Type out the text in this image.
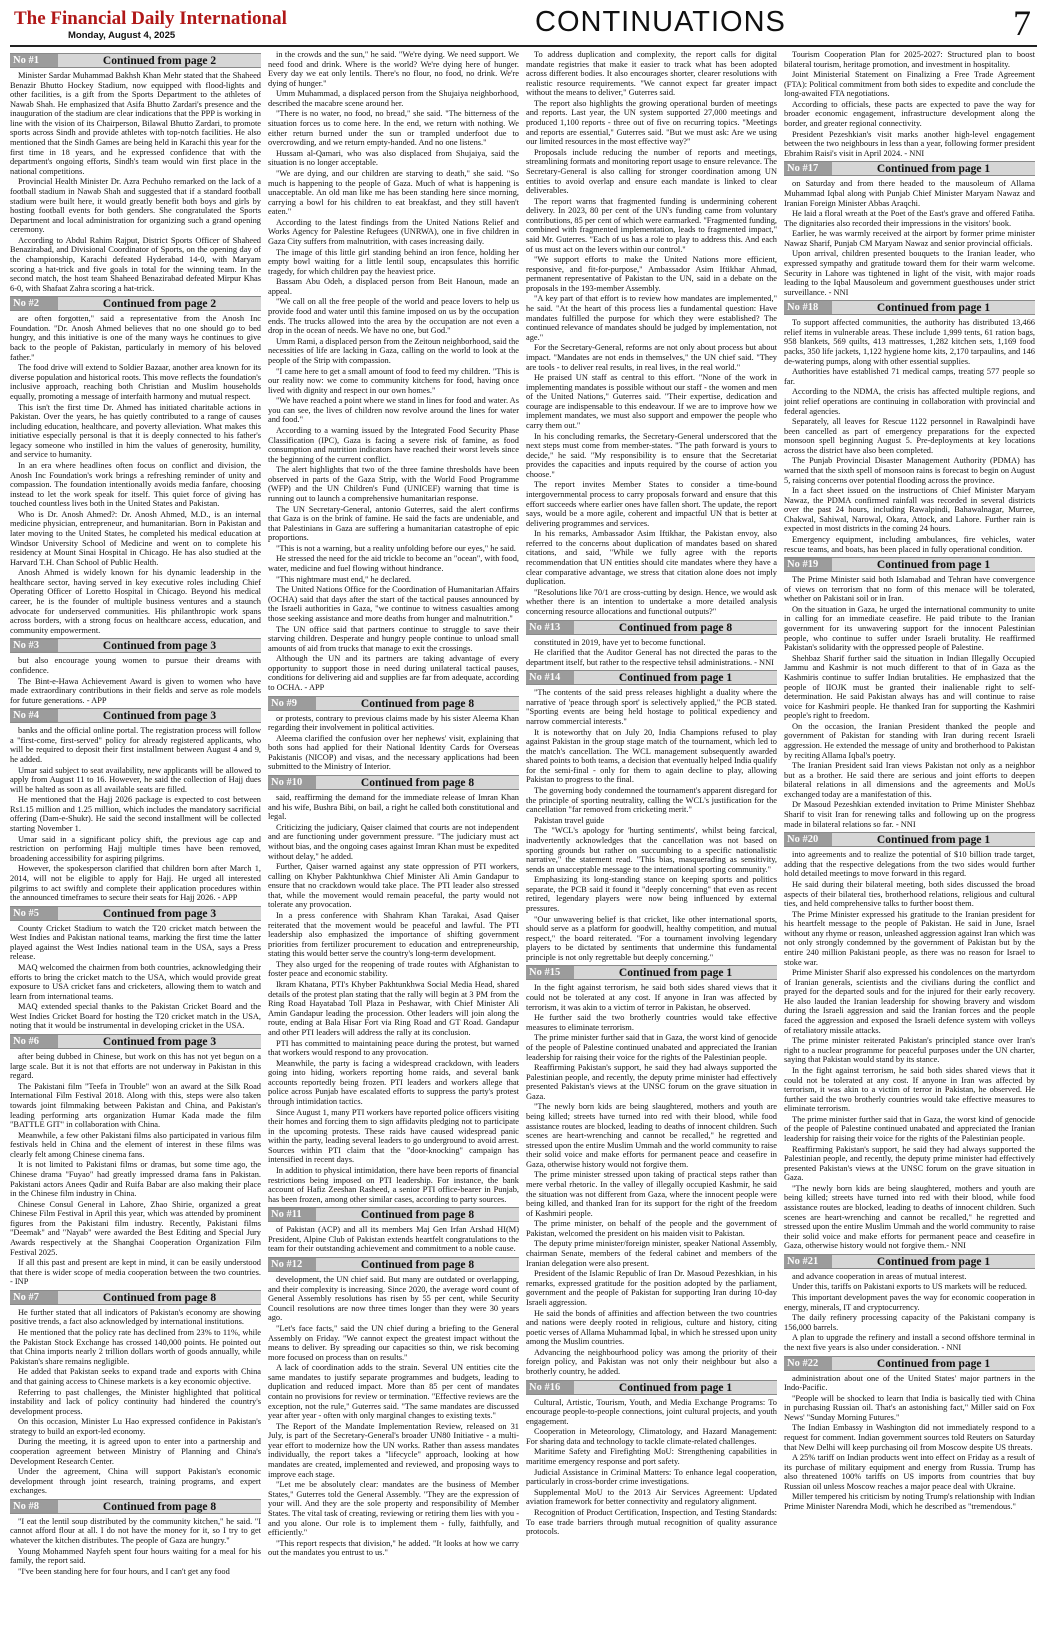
The Financial Daily International
Monday, August 4, 2025	CONTINUATIONS	7
No #1	Continued from page 2

Minister Sardar Muhammad Bakhsh Khan Mehr stated that the Shaheed Benazir Bhutto Hockey Stadium, now equipped with flood-lights and other facilities, is a gift from the Sports Department to the athletes of Nawab Shah. He emphasized that Asifa Bhutto Zardari's presence and the inauguration of the stadium are clear indications that the PPP is working in line with the vision of its Chairperson, Bilawal Bhutto Zardari, to promote sports across Sindh and provide athletes with top-notch facilities. He also mentioned that the Sindh Games are being held in Karachi this year for the first time in 18 years, and he expressed confidence that with the department's ongoing efforts, Sindh's team would win first place in the national competitions.

Provincial Health Minister Dr. Azra Pechuho remarked on the lack of a football stadium in Nawab Shah and suggested that if a standard football stadium were built here, it would greatly benefit both boys and girls by hosting football events for both genders. She congratulated the Sports Department and local administration for organizing such a grand opening ceremony.

According to Abdul Rahim Rajput, District Sports Officer of Shaheed Benazirabad, and Divisional Coordinator of Sports, on the opening day of the championship, Karachi defeated Hyderabad 14-0, with Maryam scoring a hat-trick and five goals in total for the winning team. In the second match, the host team Shaheed Benazirabad defeated Mirpur Khas 6-0, with Shafaat Zahra scoring a hat-trick.

No #2	Continued from page 2

are often forgotten," said a representative from the Anosh Inc Foundation. "Dr. Anosh Ahmed believes that no one should go to bed hungry, and this initiative is one of the many ways he continues to give back to the people of Pakistan, particularly in memory of his beloved father."

The food drive will extend to Soldier Bazaar, another area known for its diverse population and historical roots. This move reflects the foundation's inclusive approach, reaching both Christian and Muslim households equally, promoting a message of interfaith harmony and mutual respect.

This isn't the first time Dr. Ahmed has initiated charitable actions in Pakistan. Over the years, he has quietly contributed to a range of causes including education, healthcare, and poverty alleviation. What makes this initiative especially personal is that it is deeply connected to his father's legacy someone who instilled in him the values of generosity, humility, and service to humanity.

In an era where headlines often focus on conflict and division, the Anosh Inc Foundation's work brings a refreshing reminder of unity and compassion. The foundation intentionally avoids media fanfare, choosing instead to let the work speak for itself. This quiet force of giving has touched countless lives both in the United States and Pakistan.

Who is Dr. Anosh Ahmed?: Dr. Anosh Ahmed, M.D., is an internal medicine physician, entrepreneur, and humanitarian. Born in Pakistan and later moving to the United States, he completed his medical education at Windsor University School of Medicine and went on to complete his residency at Mount Sinai Hospital in Chicago. He has also studied at the Harvard T.H. Chan School of Public Health.

Anosh Ahmed is widely known for his dynamic leadership in the healthcare sector, having served in key executive roles including Chief Operating Officer of Loretto Hospital in Chicago. Beyond his medical career, he is the founder of multiple business ventures and a staunch advocate for underserved communities. His philanthropic work spans across borders, with a strong focus on healthcare access, education, and community empowerment.

No #3	Continued from page 3

but also encourage young women to pursue their dreams with confidence.

The Bint-e-Hawa Achievement Award is given to women who have made extraordinary contributions in their fields and serve as role models for future generations. - APP

No #4	Continued from page 3

banks and the official online portal. The registration process will follow a "first-come, first-served" policy for already registered applicants, who will be required to deposit their first installment between August 4 and 9, he added.

Umar said subject to seat availability, new applicants will be allowed to apply from August 11 to 16. However, he said the collection of Hajj dues will be halted as soon as all available seats are filled.

He mentioned that the Hajj 2026 package is expected to cost between Rs1.15 million and 1.25 million, which includes the mandatory sacrificial offering (Dam-e-Shukr). He said the second installment will be collected starting November 1.

Umar said in a significant policy shift, the previous age cap and restriction on performing Hajj multiple times have been removed, broadening accessibility for aspiring pilgrims.

However, the spokesperson clarified that children born after March 1, 2014, will not be eligible to apply for Hajj. He urged all interested pilgrims to act swiftly and complete their application procedures within the announced timeframes to secure their seats for Hajj 2026. - APP

No #5	Continued from page 3

County Cricket Stadium to watch the T20 cricket match between the West Indies and Pakistan national teams, marking the first time the latter played against the West Indies national team in the USA, says a Press release.

MAQ welcomed the chairmen from both countries, acknowledging their efforts to bring the cricket match to the USA, which would provide great exposure to USA cricket fans and cricketers, allowing them to watch and learn from international teams.

MAQ extended special thanks to the Pakistan Cricket Board and the West Indies Cricket Board for hosting the T20 cricket match in the USA, noting that it would be instrumental in developing cricket in the USA.

No #6	Continued from page 3

after being dubbed in Chinese, but work on this has not yet begun on a large scale. But it is not that efforts are not underway in Pakistan in this regard.

The Pakistani film "Teefa in Trouble" won an award at the Silk Road International Film Festival 2018. Along with this, steps were also taken towards joint filmmaking between Pakistan and China, and Pakistan's leading performing arts organization Humar Kada made the film "BATTLE GIT" in collaboration with China.

Meanwhile, a few other Pakistani films also participated in various film festivals held in China and the element of interest in these films was clearly felt among Chinese cinema fans.

It is not limited to Pakistani films or dramas, but some time ago, the Chinese drama "Fuyao" had greatly impressed drama fans in Pakistan. Pakistani actors Anees Qadir and Ruifa Babar are also making their place in the Chinese film industry in China.

Chinese Consul General in Lahore, Zhao Shirie, organized a great Chinese Film Festival in April this year, which was attended by prominent figures from the Pakistani film industry. Recently, Pakistani films "Deemak" and "Nayab" were awarded the Best Editing and Special Jury Awards respectively at the Shanghai Cooperation Organization Film Festival 2025.

If all this past and present are kept in mind, it can be easily understood that there is wider scope of media cooperation between the two countries. - INP

No #7	Continued from page 8

He further stated that all indicators of Pakistan's economy are showing positive trends, a fact also acknowledged by international institutions.

He mentioned that the policy rate has declined from 23% to 11%, while the Pakistan Stock Exchange has crossed 140,000 points. He pointed out that China imports nearly 2 trillion dollars worth of goods annually, while Pakistan's share remains negligible.

He added that Pakistan seeks to expand trade and exports with China and that gaining access to Chinese markets is a key economic objective.

Referring to past challenges, the Minister highlighted that political instability and lack of policy continuity had hindered the country's development process.

On this occasion, Minister Lu Hao expressed confidence in Pakistan's strategy to build an export-led economy.

During the meeting, it is agreed upon to enter into a partnership and cooperation agreement between Ministry of Planning and China's Development Research Center.

Under the agreement, China will support Pakistan's economic development through joint research, training programs, and expert exchanges.

No #8	Continued from page 8

"I eat the lentil soup distributed by the community kitchen," he said. "I cannot afford flour at all. I do not have the money for it, so I try to get whatever the kitchen distributes. The people of Gaza are hungry."

Young Mohammed Nayfeh spent four hours waiting for a meal for his family, the report said.

"I've been standing here for four hours, and I can't get any food

in the crowds and the sun," he said. "We're dying. We need support. We need food and drink. Where is the world? We're dying here of hunger. Every day we eat only lentils. There's no flour, no food, no drink. We're dying of hunger."

Umm Muhammad, a displaced person from the Shujaiya neighborhood, described the macabre scene around her.

"There is no water, no food, no bread," she said. "The bitterness of the situation forces us to come here. In the end, we return with nothing. We either return burned under the sun or trampled underfoot due to overcrowding, and we return empty-handed. And no one listens."

Hussam al-Qamari, who was also displaced from Shujaiya, said the situation is no longer acceptable.

"We are dying, and our children are starving to death," she said. "So much is happening to the people of Gaza. Much of what is happening is unacceptable. An old man like me has been standing here since morning, carrying a bowl for his children to eat breakfast, and they still haven't eaten."

According to the latest findings from the United Nations Relief and Works Agency for Palestine Refugees (UNRWA), one in five children in Gaza City suffers from malnutrition, with cases increasing daily.

The image of this little girl standing behind an iron fence, holding her empty bowl waiting for a little lentil soup, encapsulates this horrific tragedy, for which children pay the heaviest price.

Bassam Abu Odeh, a displaced person from Beit Hanoun, made an appeal.

"We call on all the free people of the world and peace lovers to help us provide food and water until this famine imposed on us by the occupation ends. The trucks allowed into the area by the occupation are not even a drop in the ocean of needs. We have no one, but God."

Umm Rami, a displaced person from the Zeitoun neighborhood, said the necessities of life are lacking in Gaza, calling on the world to look at the people of the Strip with compassion.

"I came here to get a small amount of food to feed my children. "This is our reality now: we come to community kitchens for food, having once lived with dignity and respect in our own homes."

"We have reached a point where we stand in lines for food and water. As you can see, the lives of children now revolve around the lines for water and food."

According to a warning issued by the Integrated Food Security Phase Classification (IPC), Gaza is facing a severe risk of famine, as food consumption and nutrition indicators have reached their worst levels since the beginning of the current conflict.

The alert highlights that two of the three famine thresholds have been observed in parts of the Gaza Strip, with the World Food Programme (WFP) and the UN Children's Fund (UNICEF) warning that time is running out to launch a comprehensive humanitarian response.

The UN Secretary-General, antonio Guterres, said the alert confirms that Gaza is on the brink of famine. He said the facts are undeniable, and that Palestinians in Gaza are suffering a humanitarian catastrophe of epic proportions.

"This is not a warning, but a reality unfolding before our eyes," he said.

He stressed the need for the aid trickle to become an "ocean", with food, water, medicine and fuel flowing without hindrance.

"This nightmare must end," he declared.

The United Nations Office for the Coordination of Humanitarian Affairs (OCHA) said that days after the start of the tactical pauses announced by the Israeli authorities in Gaza, "we continue to witness casualties among those seeking assistance and more deaths from hunger and malnutrition."

The UN office said that partners continue to struggle to save their starving children. Desperate and hungry people continue to unload small amounts of aid from trucks that manage to exit the crossings.

Although the UN and its partners are taking advantage of every opportunity to support those in need during unilateral tactical pauses, conditions for delivering aid and supplies are far from adequate, according to OCHA. - APP

No #9	Continued from page 8

or protests, contrary to previous claims made by his sister Aleema Khan regarding their involvement in political activities.

Aleema clarified the confusion over her nephews' visit, explaining that both sons had applied for their National Identity Cards for Overseas Pakistanis (NICOP) and visas, and the necessary applications had been submitted to the Ministry of Interior.

No #10	Continued from page 8

said, reaffirming the demand for the immediate release of Imran Khan and his wife, Bushra Bibi, on bail, a right he called both constitutional and legal.

Criticizing the judiciary, Qaiser claimed that courts are not independent and are functioning under government pressure. "The judiciary must act without bias, and the ongoing cases against Imran Khan must be expedited without delay," he added.

Further, Qaiser warned against any state oppression of PTI workers, calling on Khyber Pakhtunkhwa Chief Minister Ali Amin Gandapur to ensure that no crackdown would take place. The PTI leader also stressed that, while the movement would remain peaceful, the party would not tolerate any provocation.

In a press conference with Shahram Khan Tarakai, Asad Qaiser reiterated that the movement would be peaceful and lawful. The PTI leadership also emphasized the importance of shifting government priorities from fertilizer procurement to education and entrepreneurship, stating this would better serve the country's long-term development.

They also urged for the reopening of trade routes with Afghanistan to foster peace and economic stability.

Ikram Khatana, PTI's Khyber Pakhtunkhwa Social Media Head, shared details of the protest plan stating that the rally will begin at 3 PM from the Ring Road Hayatabad Toll Plaza in Peshawar, with Chief Minister Ali Amin Gandapur leading the procession. Other leaders will join along the route, ending at Bala Hisar Fort via Ring Road and GT Road. Gandapur and other PTI leaders will address the rally at its conclusion.

PTI has committed to maintaining peace during the protest, but warned that workers would respond to any provocation.

Meanwhile, the party is facing a widespread crackdown, with leaders going into hiding, workers reporting home raids, and several bank accounts reportedly being frozen. PTI leaders and workers allege that police across Punjab have escalated efforts to suppress the party's protest through intimidation tactics.

Since August 1, many PTI workers have reported police officers visiting their homes and forcing them to sign affidavits pledging not to participate in the upcoming protests. These raids have caused widespread panic within the party, leading several leaders to go underground to avoid arrest. Sources within PTI claim that the "door-knocking" campaign has intensified in recent days.

In addition to physical intimidation, there have been reports of financial restrictions being imposed on PTI leadership. For instance, the bank account of Hafiz Zeeshan Rasheed, a senior PTI office-bearer in Punjab, has been frozen, among other similar cases, according to party sources.

No #11	Continued from page 8

of Pakistan (ACP) and all its members Maj Gen Irfan Arshad HI(M) President, Alpine Club of Pakistan extends heartfelt congratulations to the team for their outstanding achievement and commitment to a noble cause.

No #12	Continued from page 8

development, the UN chief said. But many are outdated or overlapping, and their complexity is increasing. Since 2020, the average word count of General Assembly resolutions has risen by 55 per cent, while Security Council resolutions are now three times longer than they were 30 years ago.

"Let's face facts," said the UN chief during a briefing to the General Assembly on Friday. "We cannot expect the greatest impact without the means to deliver. By spreading our capacities so thin, we risk becoming more focused on process than on results."

A lack of coordination adds to the strain. Several UN entities cite the same mandates to justify separate programmes and budgets, leading to duplication and reduced impact. More than 85 per cent of mandates contain no provisions for review or termination. "Effective reviews are the exception, not the rule," Guterres said. "The same mandates are discussed year after year - often with only marginal changes to existing texts."

The Report of the Mandate Implementation Review, released on 31 July, is part of the Secretary-General's broader UN80 Initiative - a multi-year effort to modernize how the UN works. Rather than assess mandates individually, the report takes a "lifecycle" approach, looking at how mandates are created, implemented and reviewed, and proposing ways to improve each stage.

"Let me be absolutely clear: mandates are the business of Member States," Guterres told the General Assembly. "They are the expression of your will. And they are the sole property and responsibility of Member States. The vital task of creating, reviewing or retiring them lies with you - and you alone. Our role is to implement them - fully, faithfully, and efficiently."

"This report respects that division," he added. "It looks at how we carry out the mandates you entrust to us."

To address duplication and complexity, the report calls for digital mandate registries that make it easier to track what has been adopted across different bodies. It also encourages shorter, clearer resolutions with realistic resource requirements. "We cannot expect far greater impact without the means to deliver," Guterres said.

The report also highlights the growing operational burden of meetings and reports. Last year, the UN system supported 27,000 meetings and produced 1,100 reports - three out of five on recurring topics. "Meetings and reports are essential," Guterres said. "But we must ask: Are we using our limited resources in the most effective way?"

Proposals include reducing the number of reports and meetings, streamlining formats and monitoring report usage to ensure relevance. The Secretary-General is also calling for stronger coordination among UN entities to avoid overlap and ensure each mandate is linked to clear deliverables.

The report warns that fragmented funding is undermining coherent delivery. In 2023, 80 per cent of the UN's funding came from voluntary contributions, 85 per cent of which were earmarked. "Fragmented funding, combined with fragmented implementation, leads to fragmented impact," said Mr. Guterres. "Each of us has a role to play to address this. And each of us must act on the levers within our control."

"We support efforts to make the United Nations more efficient, responsive, and fit-for-purpose," Ambassador Asim Iftikhar Ahmad, permanent representative of Pakistan to the UN, said in a debate on the proposals in the 193-member Assembly.

"A key part of that effort is to review how mandates are implemented," he said. "At the heart of this process lies a fundamental question: Have mandates fulfilled the purpose for which they were established? The continued relevance of mandates should be judged by implementation, not age."

For the Secretary-General, reforms are not only about process but about impact. "Mandates are not ends in themselves," the UN chief said. "They are tools - to deliver real results, in real lives, in the real world."

He praised UN staff as central to this effort. "None of the work in implementing mandates is possible without our staff - the women and men of the United Nations," Guterres said. "Their expertise, dedication and courage are indispensable to this endeavour. If we are to improve how we implement mandates, we must also support and empower the people who carry them out."

In his concluding remarks, the Secretary-General underscored that the next steps must come from member-states. "The path forward is yours to decide," he said. "My responsibility is to ensure that the Secretariat provides the capacities and inputs required by the course of action you choose."

The report invites Member States to consider a time-bound intergovernmental process to carry proposals forward and ensure that this effort succeeds where earlier ones have fallen short. The update, the report says, would be a more agile, coherent and impactful UN that is better at delivering programmes and services.

In his remarks, Ambassador Asim Iftikhar, the Pakistan envoy, also referred to the concerns about duplication of mandates based on shared citations, and said, "While we fully agree with the reports recommendation that UN entities should cite mandates where they have a clear comparative advantage, we stress that citation alone does not imply duplication.

"Resolutions like 70/1 are cross-cutting by design. Hence, we would ask whether there is an intention to undertake a more detailed analysis concerning resource allocations and functional outputs?"

No #13	Continued from page 8

constituted in 2019, have yet to become functional.

He clarified that the Auditor General has not directed the paras to the department itself, but rather to the respective tehsil administrations. - NNI

No #14	Continued from page 1

"The contents of the said press releases highlight a duality where the narrative of 'peace through sport' is selectively applied," the PCB stated. "Sporting events are being held hostage to political expediency and narrow commercial interests."

It is noteworthy that on July 20, India Champions refused to play against Pakistan in the group stage match of the tournament, which led to the match's cancellation. The WCL management subsequently awarded shared points to both teams, a decision that eventually helped India qualify for the semi-final - only for them to again decline to play, allowing Pakistan to progress to the final.

The governing body condemned the tournament's apparent disregard for the principle of sporting neutrality, calling the WCL's justification for the cancellation "far removed from cricketing merit."

Pakistan travel guide

The "WCL's apology for 'hurting sentiments', whilst being farcical, inadvertently acknowledges that the cancellation was not based on sporting grounds but rather on succumbing to a specific nationalistic narrative," the statement read. "This bias, masquerading as sensitivity, sends an unacceptable message to the international sporting community."

Emphasizing its long-standing stance on keeping sports and politics separate, the PCB said it found it "deeply concerning" that even as recent retired, legendary players were now being influenced by external pressures.

"Our unwavering belief is that cricket, like other international sports, should serve as a platform for goodwill, healthy competition, and mutual respect," the board reiterated. "For a tournament involving legendary players to be dictated by sentiments that undermine this fundamental principle is not only regrettable but deeply concerning."

No #15	Continued from page 1

In the fight against terrorism, he said both sides shared views that it could not be tolerated at any cost. If anyone in Iran was affected by terrorism, it was akin to a victim of terror in Pakistan, he observed.

He further said the two brotherly countries would take effective measures to eliminate terrorism.

The prime minister further said that in Gaza, the worst kind of genocide of the people of Palestine continued unabated and appreciated the Iranian leadership for raising their voice for the rights of the Palestinian people.

Reaffirming Pakistan's support, he said they had always supported the Palestinian people, and recently, the deputy prime minister had effectively presented Pakistan's views at the UNSC forum on the grave situation in Gaza.

"The newly born kids are being slaughtered, mothers and youth are being killed; streets have turned into red with their blood, while food assistance routes are blocked, leading to deaths of innocent children. Such scenes are heart-wrenching and cannot be recalled," he regretted and stressed upon the entire Muslim Ummah and the world community to raise their solid voice and make efforts for permanent peace and ceasefire in Gaza, otherwise history would not forgive them.

The prime minister stressed upon taking of practical steps rather than mere verbal rhetoric. In the valley of illegally occupied Kashmir, he said the situation was not different from Gaza, where the innocent people were being killed, and thanked Iran for its support for the right of the freedom of Kashmiri people.

The prime minister, on behalf of the people and the government of Pakistan, welcomed the president on his maiden visit to Pakistan.

The deputy prime minister/foreign minister, speaker National Assembly, chairman Senate, members of the federal cabinet and members of the Iranian delegation were also present.

President of the Islamic Republic of Iran Dr. Masoud Pezeshkian, in his remarks, expressed gratitude for the position adopted by the parliament, government and the people of Pakistan for supporting Iran during 10-day Israeli aggression.

He said the bonds of affinities and affection between the two countries and nations were deeply rooted in religious, culture and history, citing poetic verses of Allama Muhammad Iqbal, in which he stressed upon unity among the Muslim countries.

Advancing the neighbourhood policy was among the priority of their foreign policy, and Pakistan was not only their neighbour but also a brotherly country, he added.

No #16	Continued from page 1

Cultural, Artistic, Tourism, Youth, and Media Exchange Programs: To encourage people-to-people connections, joint cultural projects, and youth engagement.

Cooperation in Meteorology, Climatology, and Hazard Management: For sharing data and technology to tackle climate-related challenges.

Maritime Safety and Firefighting MoU: Strengthening capabilities in maritime emergency response and port safety.

Judicial Assistance in Criminal Matters: To enhance legal cooperation, particularly in cross-border crime investigations.

Supplemental MoU to the 2013 Air Services Agreement: Updated aviation framework for better connectivity and regulatory alignment.

Recognition of Product Certification, Inspection, and Testing Standards: To ease trade barriers through mutual recognition of quality assurance protocols.

Tourism Cooperation Plan for 2025-2027: Structured plan to boost bilateral tourism, heritage promotion, and investment in hospitality.

Joint Ministerial Statement on Finalizing a Free Trade Agreement (FTA): Political commitment from both sides to expedite and conclude the long-awaited FTA negotiations.

According to officials, these pacts are expected to pave the way for broader economic engagement, infrastructure development along the border, and greater regional connectivity.

President Pezeshkian's visit marks another high-level engagement between the two neighbours in less than a year, following former president Ebrahim Raisi's visit in April 2024. - NNI

No #17	Continued from page 1

on Saturday and from there headed to the mausoleum of Allama Muhammad Iqbal along with Punjab Chief Minister Maryam Nawaz and Iranian Foreign Minister Abbas Araqchi.

He laid a floral wreath at the Poet of the East's grave and offered Fatiha. The dignitaries also recorded their impressions in the visitors' book.

Earlier, he was warmly received at the airport by former prime minister Nawaz Sharif, Punjab CM Maryam Nawaz and senior provincial officials.

Upon arrival, children presented bouquets to the Iranian leader, who expressed sympathy and gratitude toward them for their warm welcome. Security in Lahore was tightened in light of the visit, with major roads leading to the Iqbal Mausoleum and government guesthouses under strict surveillance. - NNI

No #18	Continued from page 1

To support affected communities, the authority has distributed 13,466 relief items in vulnerable areas. These include 1,999 tents, 61 ration bags, 958 blankets, 569 quilts, 413 mattresses, 1,282 kitchen sets, 1,169 food packs, 350 life jackets, 1,122 hygiene home kits, 2,170 tarpaulins, and 146 de-watering pumps, along with other essential supplies.

Authorities have established 71 medical camps, treating 577 people so far.

According to the NDMA, the crisis has affected multiple regions, and joint relief operations are continuing in collaboration with provincial and federal agencies.

Separately, all leaves for Rescue 1122 personnel in Rawalpindi have been cancelled as part of emergency preparations for the expected monsoon spell beginning August 5. Pre-deployments at key locations across the district have also been completed.

The Punjab Provincial Disaster Management Authority (PDMA) has warned that the sixth spell of monsoon rains is forecast to begin on August 5, raising concerns over potential flooding across the province.

In a fact sheet issued on the instructions of Chief Minister Maryam Nawaz, the PDMA confirmed rainfall was recorded in several districts over the past 24 hours, including Rawalpindi, Bahawalnagar, Murree, Chakwal, Sahiwal, Narowal, Okara, Attock, and Lahore. Further rain is expected in most districts in the coming 24 hours.

Emergency equipment, including ambulances, fire vehicles, water rescue teams, and boats, has been placed in fully operational condition.

No #19	Continued from page 1

The Prime Minister said both Islamabad and Tehran have convergence of views on terrorism that no form of this menace will be tolerated, whether on Pakistani soil or in Iran.

On the situation in Gaza, he urged the international community to unite in calling for an immediate ceasefire. He paid tribute to the Iranian government for its unwavering support for the innocent Palestinian people, who continue to suffer under Israeli brutality. He reaffirmed Pakistan's solidarity with the oppressed people of Palestine.

Shehbaz Sharif further said the situation in Indian Illegally Occupied Jammu and Kashmir is not much different to that of in Gaza as the Kashmiris continue to suffer Indian brutalities. He emphasized that the people of IIOJK must be granted their inalienable right to self-determination. He said Pakistan always has and will continue to raise voice for Kashmiri people. He thanked Iran for supporting the Kashmiri people's right to freedom.

On the occasion, the Iranian President thanked the people and government of Pakistan for standing with Iran during recent Israeli aggression. He extended the message of unity and brotherhood to Pakistan by reciting Allama Iqbal's poetry.

The Iranian President said Iran views Pakistan not only as a neighbor but as a brother. He said there are serious and joint efforts to deepen bilateral relations in all dimensions and the agreements and MoUs exchanged today are a manifestation of this.

Dr Masoud Pezeshkian extended invitation to Prime Minister Shehbaz Sharif to visit Iran for renewing talks and following up on the progress made in bilateral relations so far. - NNI

No #20	Continued from page 1

into agreements and to realize the potential of $10 billion trade target, adding that the respective delegations from the two sides would further hold detailed meetings to move forward in this regard.

He said during their bilateral meeting, both sides discussed the broad aspects of their bilateral ties, brotherhood relations, religious and cultural ties, and held comprehensive talks to further boost them.

The Prime Minister expressed his gratitude to the Iranian president for his heartfelt message to the people of Pakistan. He said in June, Israel without any rhyme or reason, unleashed aggression against Iran which was not only strongly condemned by the government of Pakistan but by the entire 240 million Pakistani people, as there was no reason for Israel to stoke war.

Prime Minister Sharif also expressed his condolences on the martyrdom of Iranian generals, scientists and the civilians during the conflict and prayed for the departed souls and for the injured for their early recovery. He also lauded the Iranian leadership for showing bravery and wisdom during the Israeli aggression and said the Iranian forces and the people faced the aggression and exposed the Israeli defence system with volleys of retaliatory missile attacks.

The prime minister reiterated Pakistan's principled stance over Iran's right to a nuclear programme for peaceful purposes under the UN charter, saying that Pakistan would stand by its stance.

In the fight against terrorism, he said both sides shared views that it could not be tolerated at any cost. If anyone in Iran was affected by terrorism, it was akin to a victim of terror in Pakistan, he observed. He further said the two brotherly countries would take effective measures to eliminate terrorism.

The prime minister further said that in Gaza, the worst kind of genocide of the people of Palestine continued unabated and appreciated the Iranian leadership for raising their voice for the rights of the Palestinian people.

Reaffirming Pakistan's support, he said they had always supported the Palestinian people, and recently, the deputy prime minister had effectively presented Pakistan's views at the UNSC forum on the grave situation in Gaza.

"The newly born kids are being slaughtered, mothers and youth are being killed; streets have turned into red with their blood, while food assistance routes are blocked, leading to deaths of innocent children. Such scenes are heart-wrenching and cannot be recalled," he regretted and stressed upon the entire Muslim Ummah and the world community to raise their solid voice and make efforts for permanent peace and ceasefire in Gaza, otherwise history would not forgive them.- NNI

No #21	Continued from page 1

and advance cooperation in areas of mutual interest.

Under this, tariffs on Pakistani exports to US markets will be reduced.

This important development paves the way for economic cooperation in energy, minerals, IT and cryptocurrency.

The daily refinery processing capacity of the Pakistani company is 156,000 barrels.

A plan to upgrade the refinery and install a second offshore terminal in the next five years is also under consideration. - NNI

No #22	Continued from page 1

administration about one of the United States' major partners in the Indo-Pacific.

"People will be shocked to learn that India is basically tied with China in purchasing Russian oil. That's an astonishing fact," Miller said on Fox News' "Sunday Morning Futures."

The Indian Embassy in Washington did not immediately respond to a request for comment. Indian government sources told Reuters on Saturday that New Delhi will keep purchasing oil from Moscow despite US threats.

A 25% tariff on Indian products went into effect on Friday as a result of its purchase of military equipment and energy from Russia. Trump has also threatened 100% tariffs on US imports from countries that buy Russian oil unless Moscow reaches a major peace deal with Ukraine.

Miller tempered his criticism by noting Trump's relationship with Indian Prime Minister Narendra Modi, which he described as "tremendous."
